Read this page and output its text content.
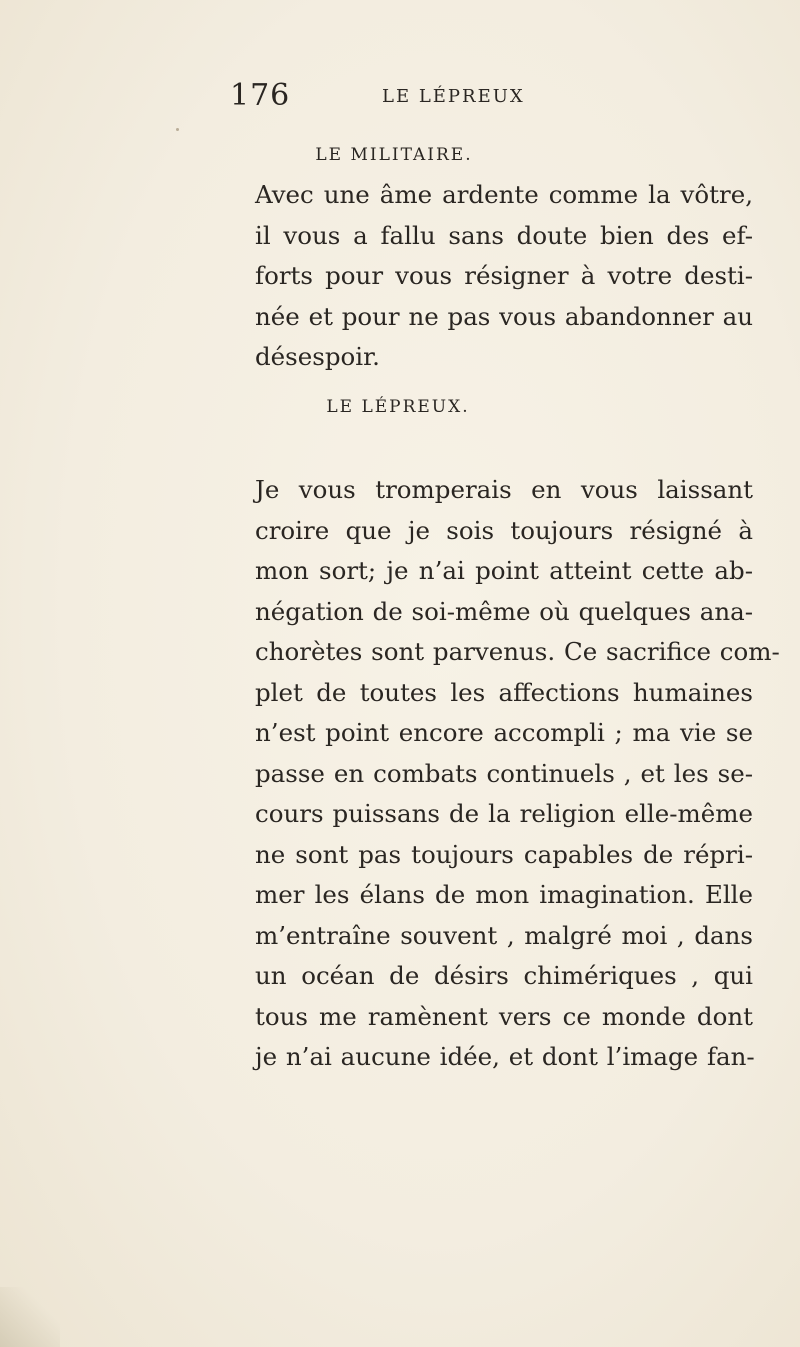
176	LE LÉPREUX
LE MILITAIRE.
Avec une âme ardente comme la vôtre,
il vous a fallu sans doute bien des ef-
forts pour vous résigner à votre desti-
née et pour ne pas vous abandonner au
désespoir.
LE LÉPREUX.
Je vous tromperais en vous laissant
croire que je sois toujours résigné à
mon sort; je n’ai point atteint cette ab-
négation de soi-même où quelques ana-
chorètes sont parvenus. Ce sacrifice com-
plet de toutes les affections humaines
n’est point encore accompli ; ma vie se
passe en combats continuels , et les se-
cours puissans de la religion elle-même
ne sont pas toujours capables de répri-
mer les élans de mon imagination. Elle
m’entraîne souvent , malgré moi , dans
un océan de désirs chimériques , qui
tous me ramènent vers ce monde dont
je n’ai aucune idée, et dont l’image fan-
